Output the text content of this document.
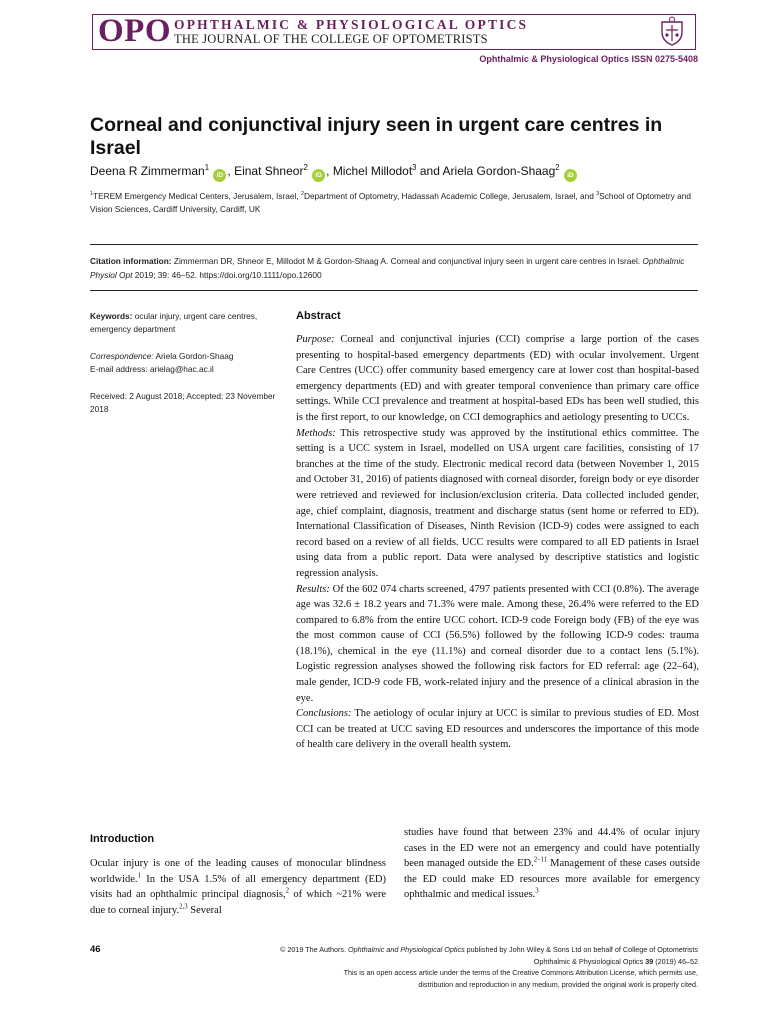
OPO OPHTHALMIC & PHYSIOLOGICAL OPTICS
THE JOURNAL OF THE COLLEGE OF OPTOMETRISTS
Ophthalmic & Physiological Optics ISSN 0275-5408
Corneal and conjunctival injury seen in urgent care centres in Israel
Deena R Zimmerman$^1$ iD , Einat Shneor$^2$ iD , Michel Millodot$^3$ and Ariela Gordon-Shaag$^2$ iD
$^1$TEREM Emergency Medical Centers, Jerusalem, Israel, $^2$Department of Optometry, Hadassah Academic College, Jerusalem, Israel, and $^3$School of Optometry and Vision Sciences, Cardiff University, Cardiff, UK
Citation information: Zimmerman DR, Shneor E, Millodot M & Gordon-Shaag A. Corneal and conjunctival injury seen in urgent care centres in Israel. Ophthalmic Physiol Opt 2019; 39: 46–52. https://doi.org/10.1111/opo.12600

Keywords: ocular injury, urgent care centres, emergency department

Correspondence: Ariela Gordon-Shaag
E-mail address: arielag@hac.ac.il

Received: 2 August 2018; Accepted: 23 November 2018

Abstract

Purpose: Corneal and conjunctival injuries (CCI) comprise a large portion of the cases presenting to hospital-based emergency departments (ED) with ocular involvement. Urgent Care Centres (UCC) offer community based emergency care at lower cost than hospital-based emergency departments (ED) and with greater temporal convenience than primary care office settings. While CCI prevalence and treatment at hospital-based EDs has been well studied, this is the first report, to our knowledge, on CCI demographics and aetiology presenting to UCCs.

Methods: This retrospective study was approved by the institutional ethics committee. The setting is a UCC system in Israel, modelled on USA urgent care facilities, consisting of 17 branches at the time of the study. Electronic medical record data (between November 1, 2015 and October 31, 2016) of patients diagnosed with corneal disorder, foreign body or eye disorder were retrieved and reviewed for inclusion/exclusion criteria. Data collected included gender, age, chief complaint, diagnosis, treatment and discharge status (sent home or referred to ED). International Classification of Diseases, Ninth Revision (ICD-9) codes were assigned to each record based on a review of all fields. UCC results were compared to all ED patients in Israel using data from a public report. Data were analysed by descriptive statistics and logistic regression analysis.

Results: Of the 602 074 charts screened, 4797 patients presented with CCI (0.8%). The average age was 32.6 ± 18.2 years and 71.3% were male. Among these, 26.4% were referred to the ED compared to 6.8% from the entire UCC cohort. ICD-9 code Foreign body (FB) of the eye was the most common cause of CCI (56.5%) followed by the following ICD-9 codes: trauma (18.1%), chemical in the eye (11.1%) and corneal disorder due to a contact lens (5.1%). Logistic regression analyses showed the following risk factors for ED referral: age (22–64), male gender, ICD-9 code FB, work-related injury and the presence of a clinical abrasion in the eye.

Conclusions: The aetiology of ocular injury at UCC is similar to previous studies of ED. Most CCI can be treated at UCC saving ED resources and underscores the importance of this mode of health care delivery in the overall health system.

Introduction
Ocular injury is one of the leading causes of monocular blindness worldwide.$^1$ In the USA 1.5% of all emergency department (ED) visits had an ophthalmic principal diagnosis,$^2$ of which ~21% were due to corneal injury.$^{2,3}$ Several
studies have found that between 23% and 44.4% of ocular injury cases in the ED were not an emergency and could have potentially been managed outside the ED.$^{2-11}$ Management of these cases outside the ED could make ED resources more available for emergency ophthalmic and medical issues.$^3$
46	© 2019 The Authors. Ophthalmic and Physiological Optics published by John Wiley & Sons Ltd on behalf of College of Optometrists
Ophthalmic & Physiological Optics 39 (2019) 46–52
This is an open access article under the terms of the Creative Commons Attribution License, which permits use,
distribution and reproduction in any medium, provided the original work is properly cited.
